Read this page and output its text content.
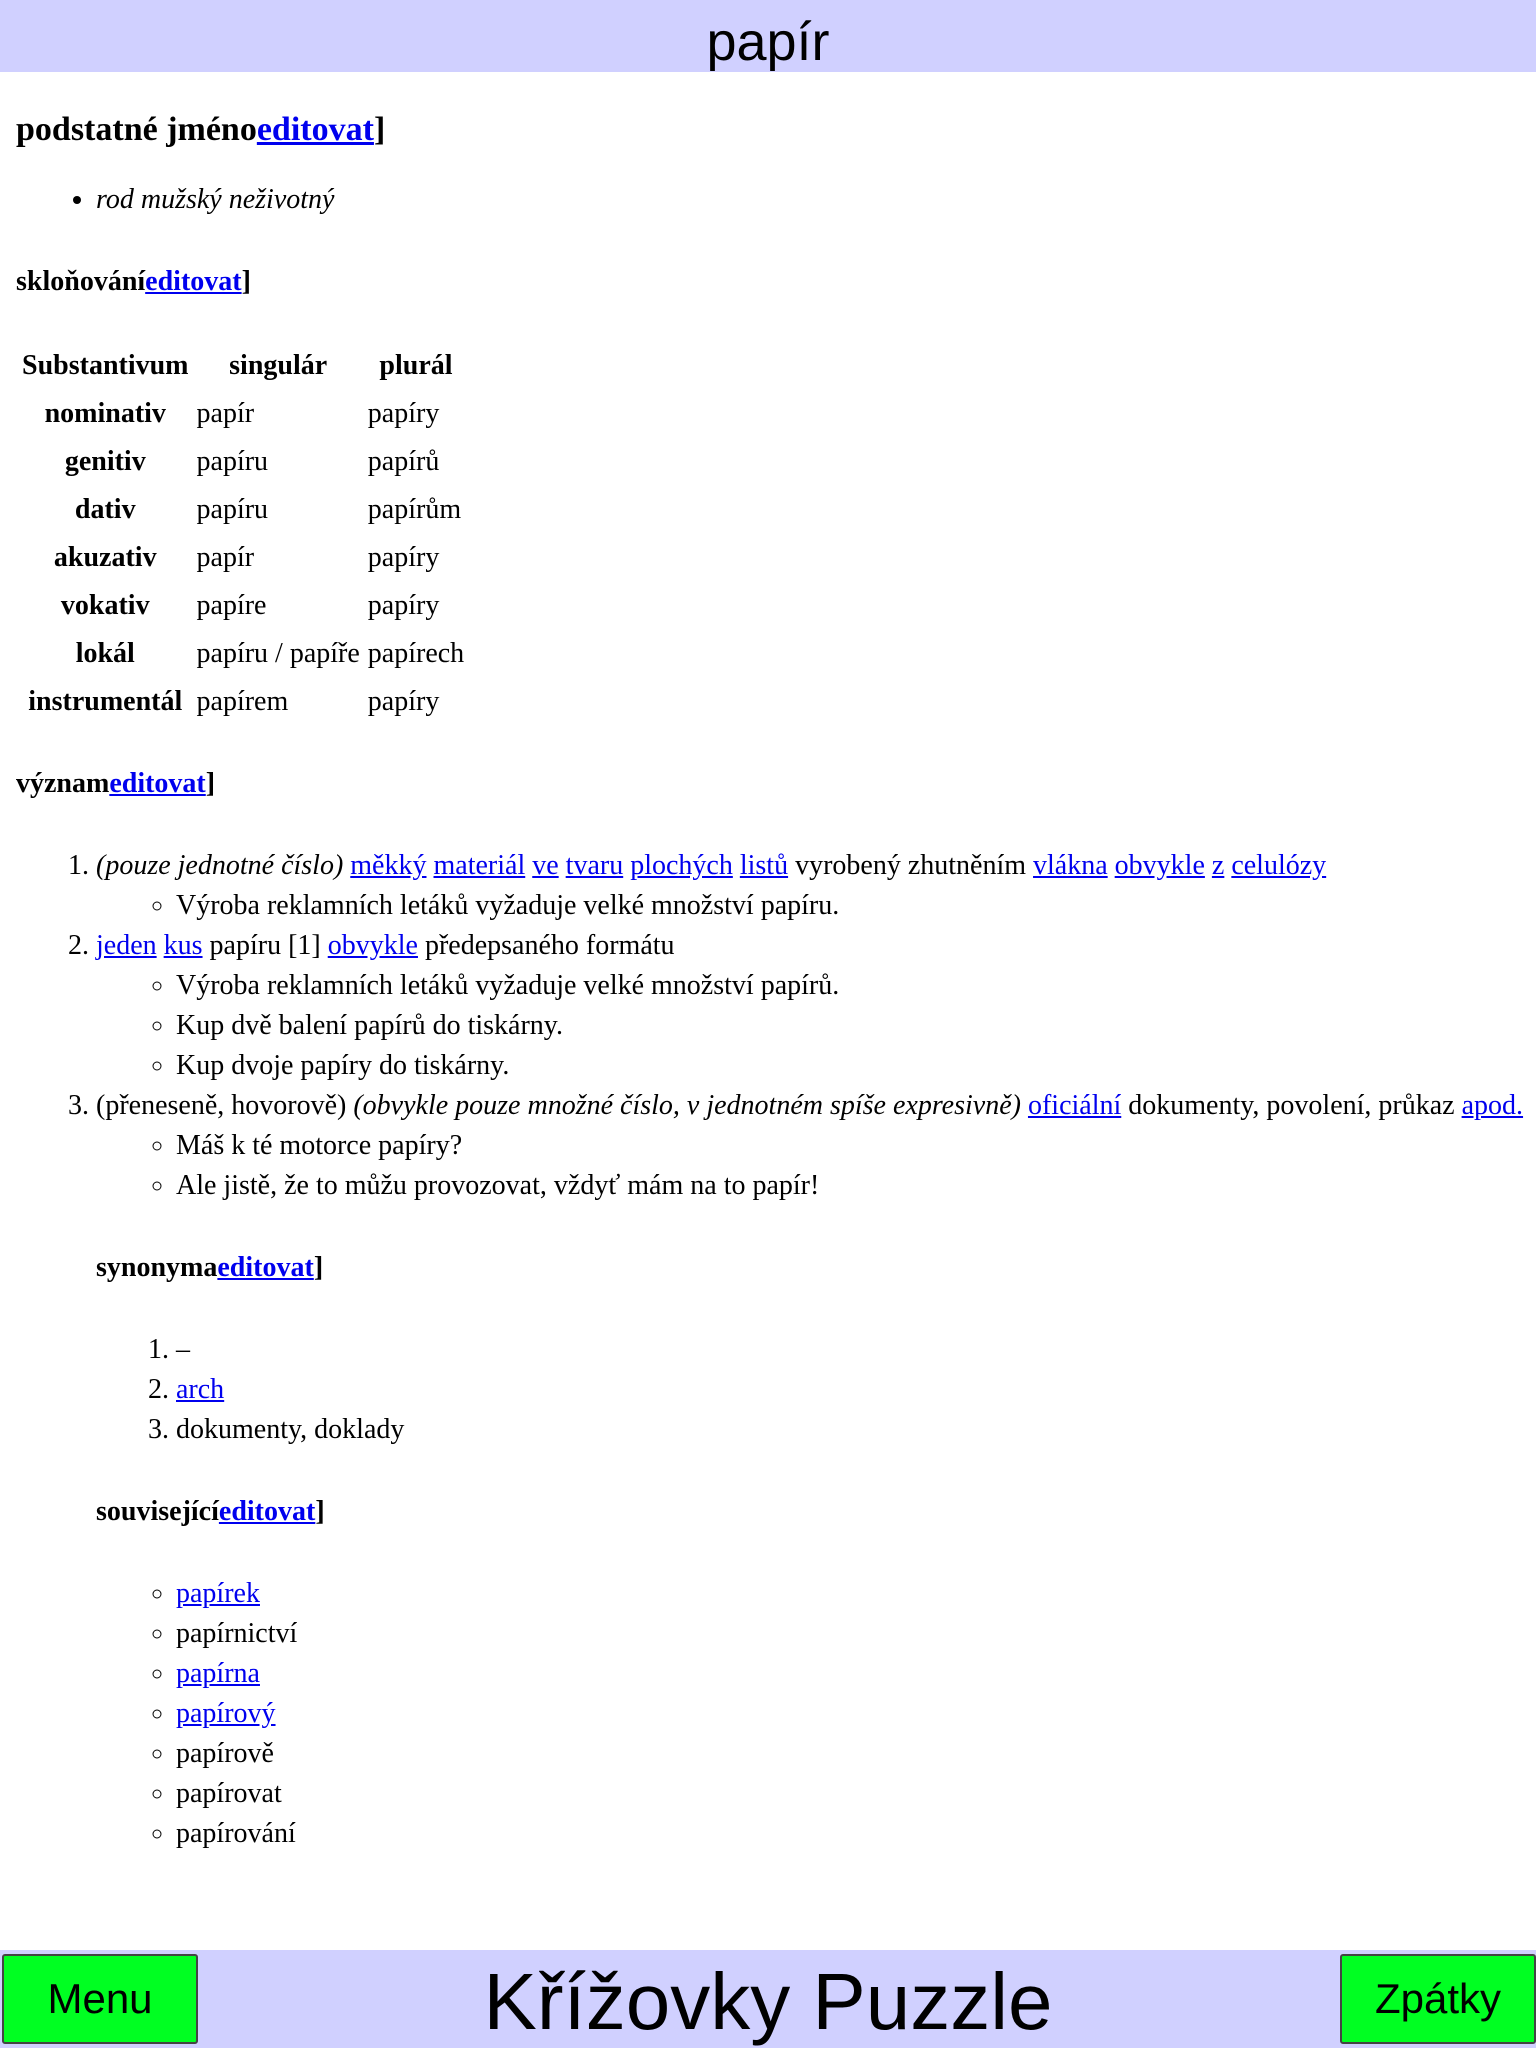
papír
podstatné jménoeditovat]
• rod mužský neživotný
skloňováníeditovat]
Substantivum	singulár	plurál
nominativ	papír	papíry
genitiv	papíru	papírů
dativ	papíru	papírům
akuzativ	papír	papíry
vokativ	papíre	papíry
lokál	papíru / papíře	papírech
instrumentál	papírem	papíry
význameditovat]
1. (pouze jednotné číslo) měkký materiál ve tvaru plochých listů vyrobený zhutněním vlákna obvykle z celulózy
◦ Výroba reklamních letáků vyžaduje velké množství papíru.
2. jeden kus papíru [1] obvykle předepsaného formátu
◦ Výroba reklamních letáků vyžaduje velké množství papírů.
◦ Kup dvě balení papírů do tiskárny.
◦ Kup dvoje papíry do tiskárny.
3. (přeneseně, hovorově) (obvykle pouze množné číslo, v jednotném spíše expresivně) oficiální dokumenty, povolení, průkaz apod.
◦ Máš k té motorce papíry?
◦ Ale jistě, že to můžu provozovat, vždyť mám na to papír!
synonymaeditovat]
1. –
2. arch
3. dokumenty, doklady
souvisejícíeditovat]
◦ papírek
◦ papírnictví
◦ papírna
◦ papírový
◦ papírově
◦ papírovat
◦ papírování
Křížovky Puzzle
Menu	Zpátky
